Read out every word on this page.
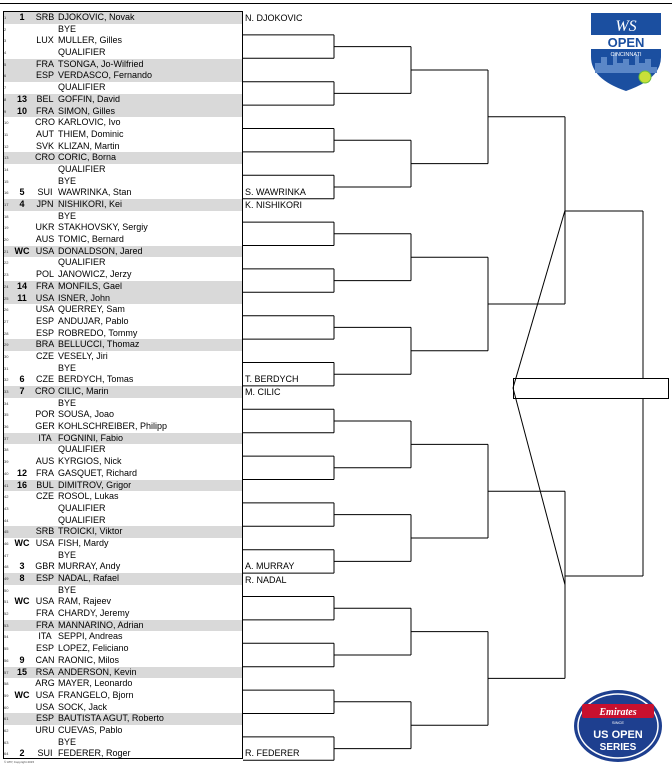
1	1	SRB DJOKOVIC, Novak
2	BYE
3	LUX MULLER, Gilles
4	QUALIFIER
5	FRA TSONGA, Jo-Wilfried
6	ESP VERDASCO, Fernando
7	QUALIFIER
8	13	BEL GOFFIN, David
9	10	FRA SIMON, Gilles
10	CRO KARLOVIC, Ivo
11	AUT THIEM, Dominic
12	SVK KLIZAN, Martin
13	CRO CORIC, Borna
14	QUALIFIER
15	BYE
16	5	SUI WAWRINKA, Stan
17	4	JPN NISHIKORI, Kei
18	BYE
19	UKR STAKHOVSKY, Sergiy
20	AUS TOMIC, Bernard
21 WC USA DONALDSON, Jared
22	QUALIFIER
23	POL JANOWICZ, Jerzy
24 14	FRA MONFILS, Gael
25 11 USA ISNER, John
26	USA QUERREY, Sam
27	ESP ANDUJAR, Pablo
28	ESP ROBREDO, Tommy
29	BRA BELLUCCI, Thomaz
30	CZE VESELY, Jiri
31	BYE
32	6	CZE BERDYCH, Tomas
33	7	CRO CILIC, Marin
34	BYE
35	POR SOUSA, Joao
36	GER KOHLSCHREIBER, Philipp
37	ITA FOGNINI, Fabio
38	QUALIFIER
39	AUS KYRGIOS, Nick
40 12	FRA GASQUET, Richard
41 16	BUL DIMITROV, Grigor
42	CZE ROSOL, Lukas
43	QUALIFIER
44	QUALIFIER
45	SRB TROICKI, Viktor
46 WC USA FISH, Mardy
47	BYE
48	3	GBR MURRAY, Andy
49	8	ESP NADAL, Rafael
50	BYE
51 WC USA RAM, Rajeev
52	FRA CHARDY, Jeremy
53	FRA MANNARINO, Adrian
54	ITA SEPPI, Andreas
55	ESP LOPEZ, Feliciano
56	9	CAN RAONIC, Milos
57 15 RSA ANDERSON, Kevin
58	ARG MAYER, Leonardo
59 WC USA FRANGELO, Bjorn
60	USA SOCK, Jack
61	ESP BAUTISTA AGUT, Roberto
62	URU CUEVAS, Pablo
63	BYE
64	2	SUI FEDERER, Roger
N. DJOKOVIC
S. WAWRINKA
K. NISHIKORI
T. BERDYCH
M. CILIC
A. MURRAY
R. NADAL
R. FEDERER
WS
OPEN
CINCINNATI
Emirates
SINCE
US OPEN
SERIES
© ATP, Copyright 2015
